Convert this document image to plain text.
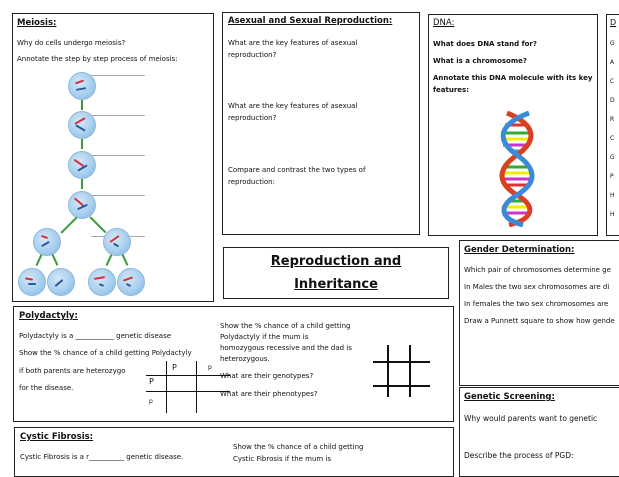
Meiosis:
Why do cells undergo meiosis?
Annotate the step by step process of meiosis:
Asexual and Sexual Reproduction:
What are the key features of asexual
reproduction?
What are the key features of asexual
reproduction?
Compare and contrast the two types of
reproduction:
DNA:
What does DNA stand for?
What is a chromosome?
Annotate this DNA molecule with its key
features:
D
G
A
C
D
R
C
G
P
H
H
Reproduction and
Inheritance
Gender Determination:
Which pair of chromosomes determine ge
In Males the two sex chromosomes are di
In females the two sex chromosomes are
Draw a Punnett square to show how gende
Polydactyly:
Polydactyly is a ___________ genetic disease
Show the % chance of a child getting Polydactyly
if both parents are heterozygo
for the disease.
P	p
P
p
Show the % chance of a child getting
Polydactyly if the mum is
homozygous recessive and the dad is
heterozygous.
What are their genotypes?
What are their phenotypes?	Genetic Screening:
Why would parents want to genetic
Describe the process of PGD:
Cystic Fibrosis:
Cystic Fibrosis is a r__________ genetic disease.
Show the % chance of a child getting
Cystic Fibrosis if the mum is
